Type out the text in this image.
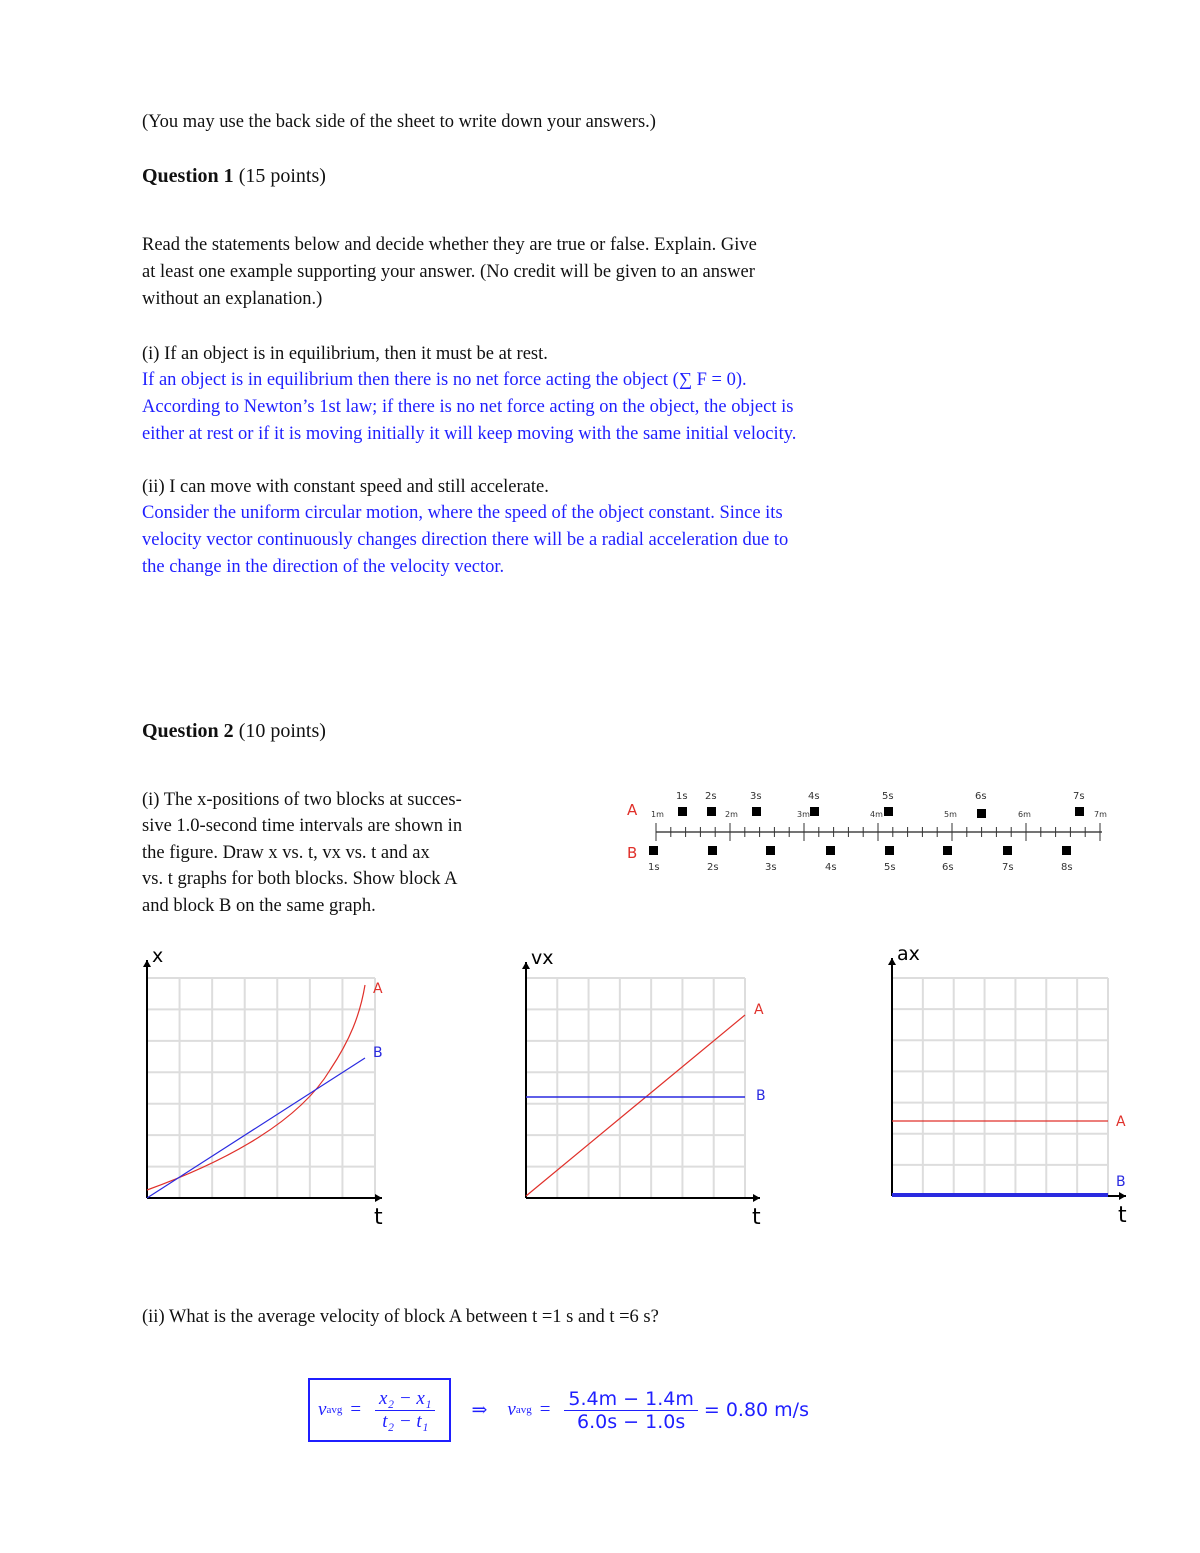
(You may use the back side of the sheet to write down your answers.)
Question 1 (15 points)
Read the statements below and decide whether they are true or false. Explain. Give
at least one example supporting your answer. (No credit will be given to an answer
without an explanation.)
(i) If an object is in equilibrium, then it must be at rest.
If an object is in equilibrium then there is no net force acting the object (∑ F = 0).
According to Newton’s 1st law; if there is no net force acting on the object, the object is
either at rest or if it is moving initially it will keep moving with the same initial velocity.
(ii) I can move with constant speed and still accelerate.
Consider the uniform circular motion, where the speed of the object constant. Since its
velocity vector continuously changes direction there will be a radial acceleration due to
the change in the direction of the velocity vector.
Question 2 (10 points)
(i) The x-positions of two blocks at succes-
sive 1.0-second time intervals are shown in
the figure. Draw x vs. t, vx vs. t and ax
vs. t graphs for both blocks. Show block A
and block B on the same graph.
A
B
1m	2m	3m	4m	5m	6m	7m
1s 2s	3s	4s	5s	6s	7s
1s	2s	3s	4s	5s	6s	7s	8s
x
t
A
B
vx
t
A
B
ax
t
A
B
(ii) What is the average velocity of block A between t =1 s and t =6 s?
v avg = $\frac{\text{x₂ − x₁}}{\text{t₂ − t₁}}$ ⇒ v avg = $\frac{5.4m - 1.4m}{6.0s - 1.0s} = 0.80$ m/s
